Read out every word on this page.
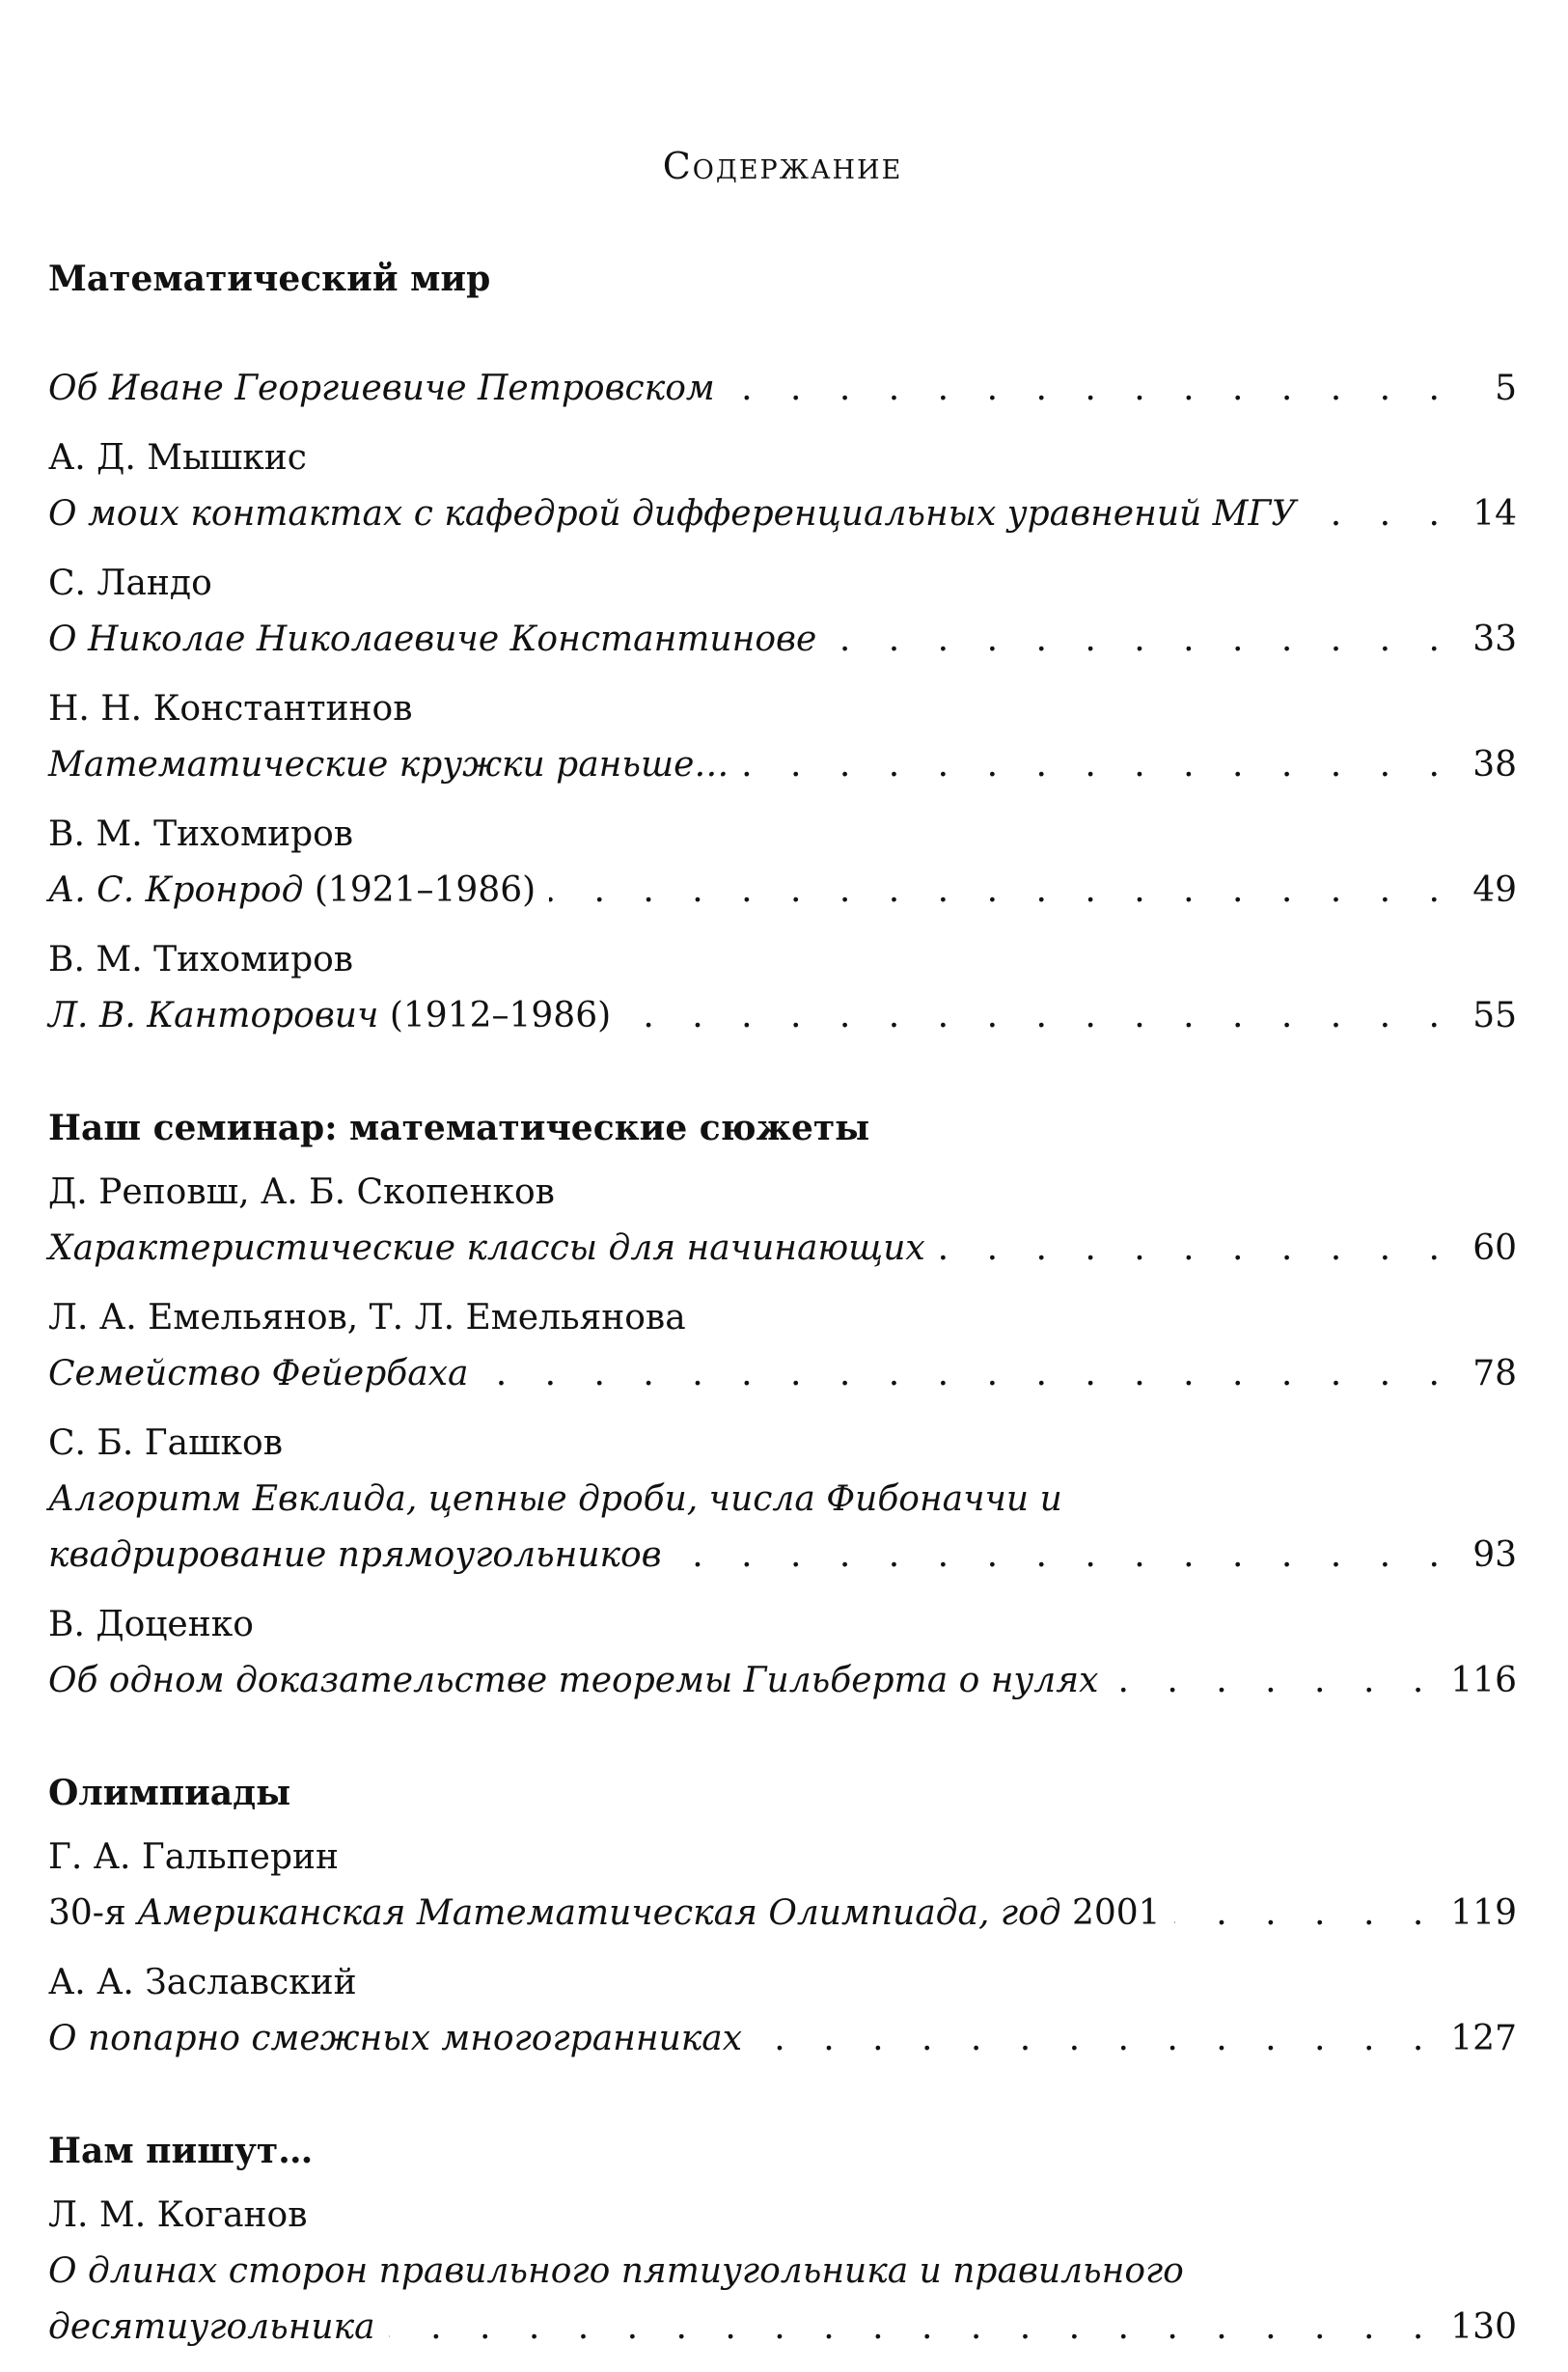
Содержание
Математический мир
Об Иване Георгиевиче Петровском . . .	5
А. Д. Мышкис
О моих контактах с кафедрой дифференциальных уравнений МГУ . . .	14
С. Ландо
О Николае Николаевиче Константинове . . .	33
Н. Н. Константинов
Математические кружки раньше… . . .	38
В. М. Тихомиров
А. С. Кронрод (1921–1986) . . .	49
В. М. Тихомиров
Л. В. Канторович (1912–1986) . . .	55
Наш семинар: математические сюжеты
Д. Реповш, А. Б. Скопенков
Характеристические классы для начинающих . . .	60
Л. А. Емельянов, Т. Л. Емельянова
Семейство Фейербаха . . .	78
С. Б. Гашков
Алгоритм Евклида, цепные дроби, числа Фибоначчи и
квадрирование прямоугольников . . .	93
В. Доценко
Об одном доказательстве теоремы Гильберта о нулях . . .	116
Олимпиады
Г. А. Гальперин
30-я Американская Математическая Олимпиада, год 2001 . . .	119
А. А. Заславский
О попарно смежных многогранниках . . .	127
Нам пишут…
Л. М. Коганов
О длинах сторон правильного пятиугольника и правильного
десятиугольника . . .	130
